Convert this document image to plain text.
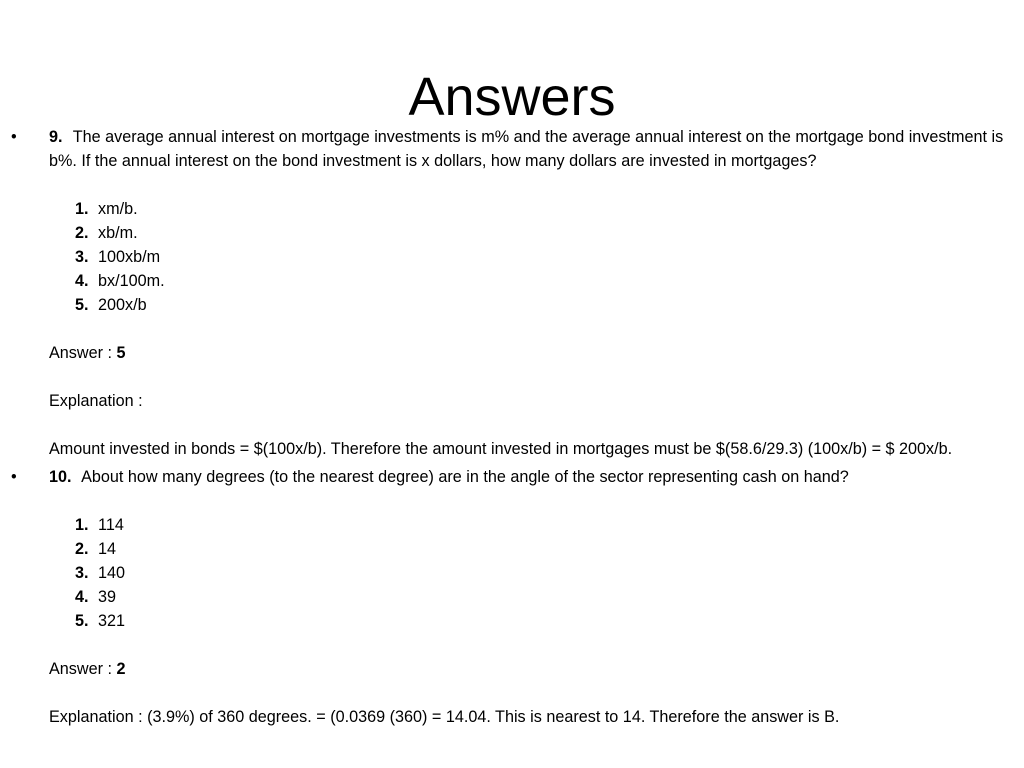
Answers
• 9. The average annual interest on mortgage investments is m% and the average annual interest on the mortgage bond investment is b%. If the annual interest on the bond investment is x dollars, how many dollars are invested in mortgages?
1. xm/b.
2. xb/m.
3. 100xb/m
4. bx/100m.
5. 200x/b
Answer : 5
Explanation :
Amount invested in bonds = $(100x/b). Therefore the amount invested in mortgages must be $(58.6/29.3) (100x/b) = $ 200x/b.
• 10. About how many degrees (to the nearest degree) are in the angle of the sector representing cash on hand?
1. 114
2. 14
3. 140
4. 39
5. 321
Answer : 2
Explanation : (3.9%) of 360 degrees. = (0.0369 (360) = 14.04. This is nearest to 14. Therefore the answer is B.
